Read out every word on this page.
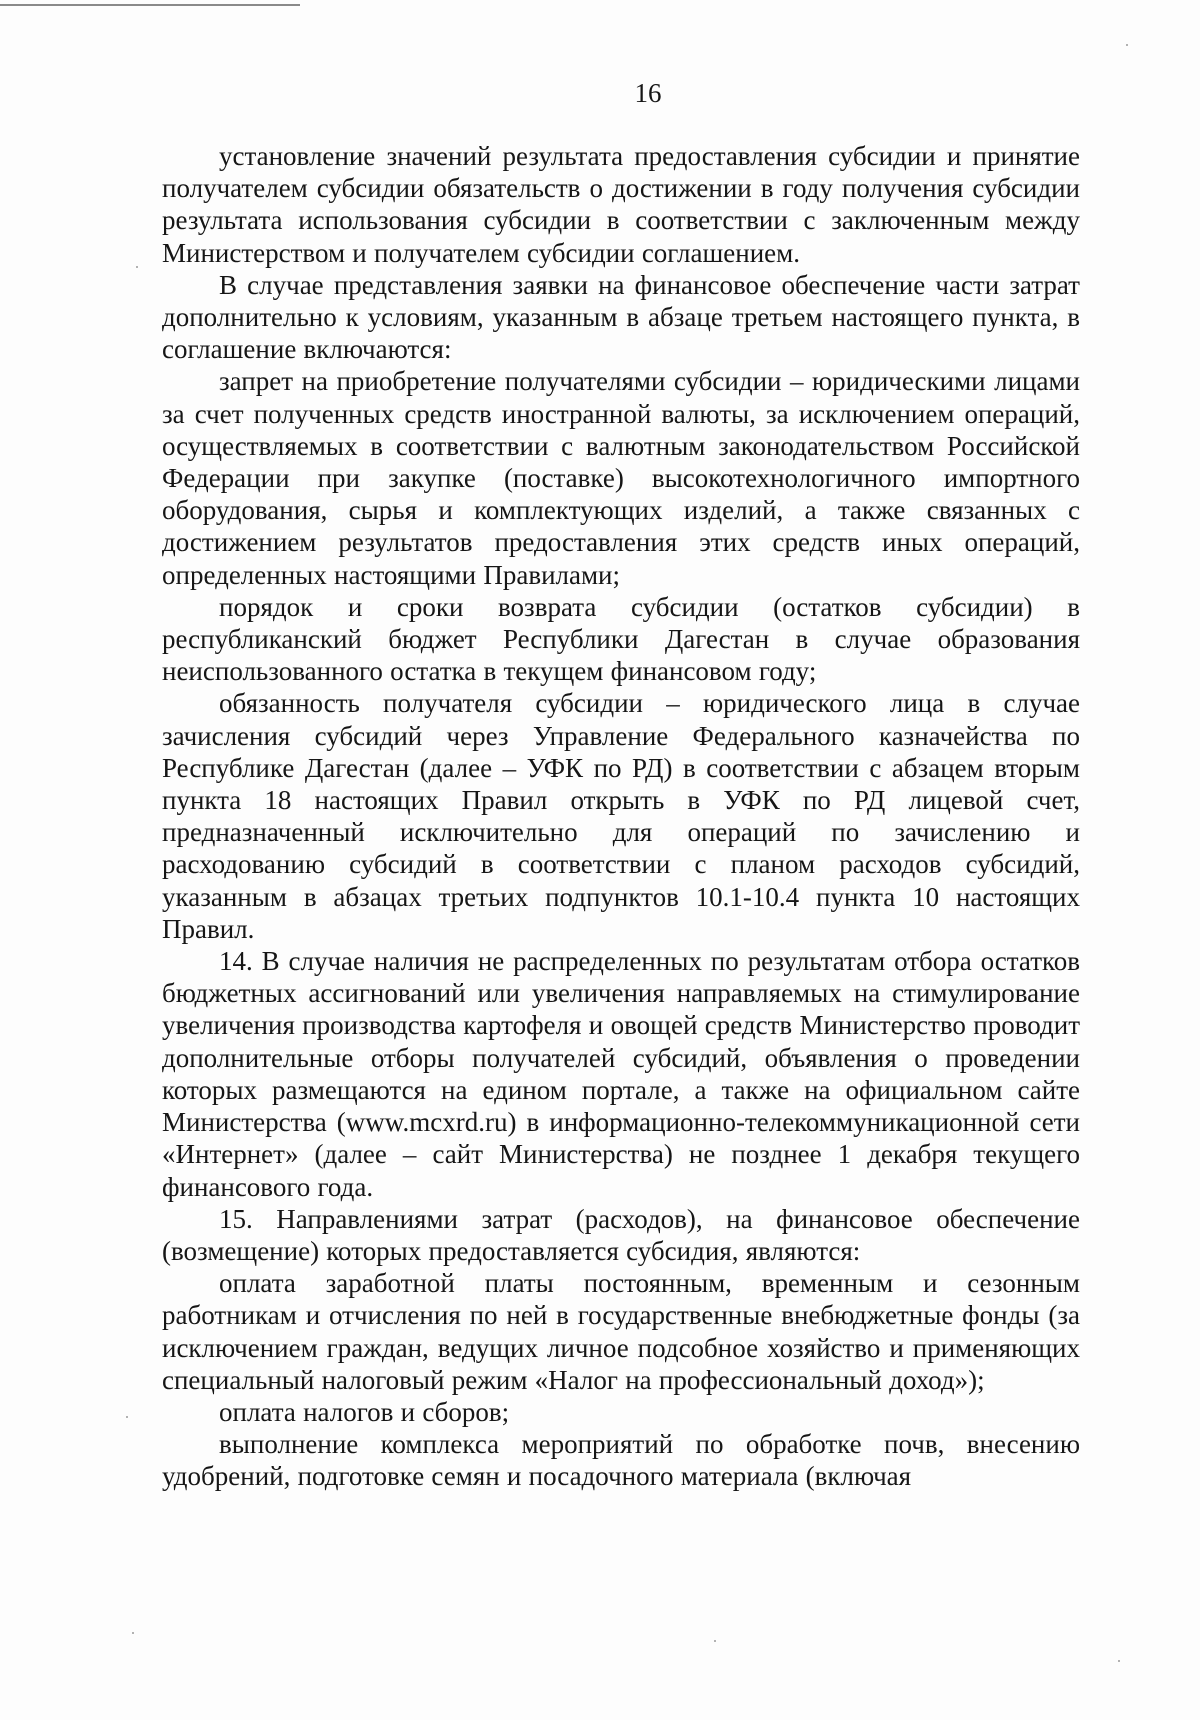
16

установление значений результата предоставления субсидии и принятие получателем субсидии обязательств о достижении в году получения субсидии результата использования субсидии в соответствии с заключенным между Министерством и получателем субсидии соглашением.

В случае представления заявки на финансовое обеспечение части затрат дополнительно к условиям, указанным в абзаце третьем настоящего пункта, в соглашение включаются:

запрет на приобретение получателями субсидии – юридическими лицами за счет полученных средств иностранной валюты, за исключением операций, осуществляемых в соответствии с валютным законодательством Российской Федерации при закупке (поставке) высокотехнологичного импортного оборудования, сырья и комплектующих изделий, а также связанных с достижением результатов предоставления этих средств иных операций, определенных настоящими Правилами;

порядок и сроки возврата субсидии (остатков субсидии) в республиканский бюджет Республики Дагестан в случае образования неиспользованного остатка в текущем финансовом году;

обязанность получателя субсидии – юридического лица в случае зачисления субсидий через Управление Федерального казначейства по Республике Дагестан (далее – УФК по РД) в соответствии с абзацем вторым пункта 18 настоящих Правил открыть в УФК по РД лицевой счет, предназначенный исключительно для операций по зачислению и расходованию субсидий в соответствии с планом расходов субсидий, указанным в абзацах третьих подпунктов 10.1-10.4 пункта 10 настоящих Правил.

14. В случае наличия не распределенных по результатам отбора остатков бюджетных ассигнований или увеличения направляемых на стимулирование увеличения производства картофеля и овощей средств Министерство проводит дополнительные отборы получателей субсидий, объявления о проведении которых размещаются на едином портале, а также на официальном сайте Министерства (www.mcxrd.ru) в информационно-телекоммуникационной сети «Интернет» (далее – сайт Министерства) не позднее 1 декабря текущего финансового года.

15. Направлениями затрат (расходов), на финансовое обеспечение (возмещение) которых предоставляется субсидия, являются:

оплата заработной платы постоянным, временным и сезонным работникам и отчисления по ней в государственные внебюджетные фонды (за исключением граждан, ведущих личное подсобное хозяйство и применяющих специальный налоговый режим «Налог на профессиональный доход»);

оплата налогов и сборов;

выполнение комплекса мероприятий по обработке почв, внесению удобрений, подготовке семян и посадочного материала (включая
